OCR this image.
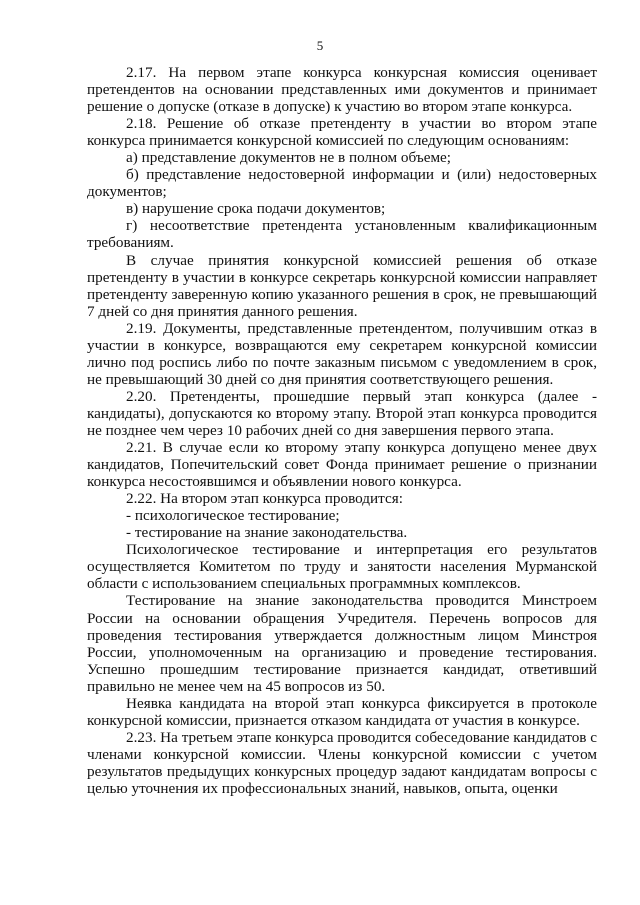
5

2.17. На первом этапе конкурса конкурсная комиссия оценивает претендентов на основании представленных ими документов и принимает решение о допуске (отказе в допуске) к участию во втором этапе конкурса.

2.18. Решение об отказе претенденту в участии во втором этапе конкурса принимается конкурсной комиссией по следующим основаниям:

а) представление документов не в полном объеме;

б) представление недостоверной информации и (или) недостоверных документов;

в) нарушение срока подачи документов;

г) несоответствие претендента установленным квалификационным требованиям.

В случае принятия конкурсной комиссией решения об отказе претенденту в участии в конкурсе секретарь конкурсной комиссии направляет претенденту заверенную копию указанного решения в срок, не превышающий 7 дней со дня принятия данного решения.

2.19. Документы, представленные претендентом, получившим отказ в участии в конкурсе, возвращаются ему секретарем конкурсной комиссии лично под роспись либо по почте заказным письмом с уведомлением в срок, не превышающий 30 дней со дня принятия соответствующего решения.

2.20. Претенденты, прошедшие первый этап конкурса (далее - кандидаты), допускаются ко второму этапу. Второй этап конкурса проводится не позднее чем через 10 рабочих дней со дня завершения первого этапа.

2.21. В случае если ко второму этапу конкурса допущено менее двух кандидатов, Попечительский совет Фонда принимает решение о признании конкурса несостоявшимся и объявлении нового конкурса.

2.22. На втором этап конкурса проводится:

- психологическое тестирование;

- тестирование на знание законодательства.

Психологическое тестирование и интерпретация его результатов осуществляется Комитетом по труду и занятости населения Мурманской области с использованием специальных программных комплексов.

Тестирование на знание законодательства проводится Минстроем России на основании обращения Учредителя. Перечень вопросов для проведения тестирования утверждается должностным лицом Минстроя России, уполномоченным на организацию и проведение тестирования. Успешно прошедшим тестирование признается кандидат, ответивший правильно не менее чем на 45 вопросов из 50.

Неявка кандидата на второй этап конкурса фиксируется в протоколе конкурсной комиссии, признается отказом кандидата от участия в конкурсе.

2.23. На третьем этапе конкурса проводится собеседование кандидатов с членами конкурсной комиссии. Члены конкурсной комиссии с учетом результатов предыдущих конкурсных процедур задают кандидатам вопросы с целью уточнения их профессиональных знаний, навыков, опыта, оценки
